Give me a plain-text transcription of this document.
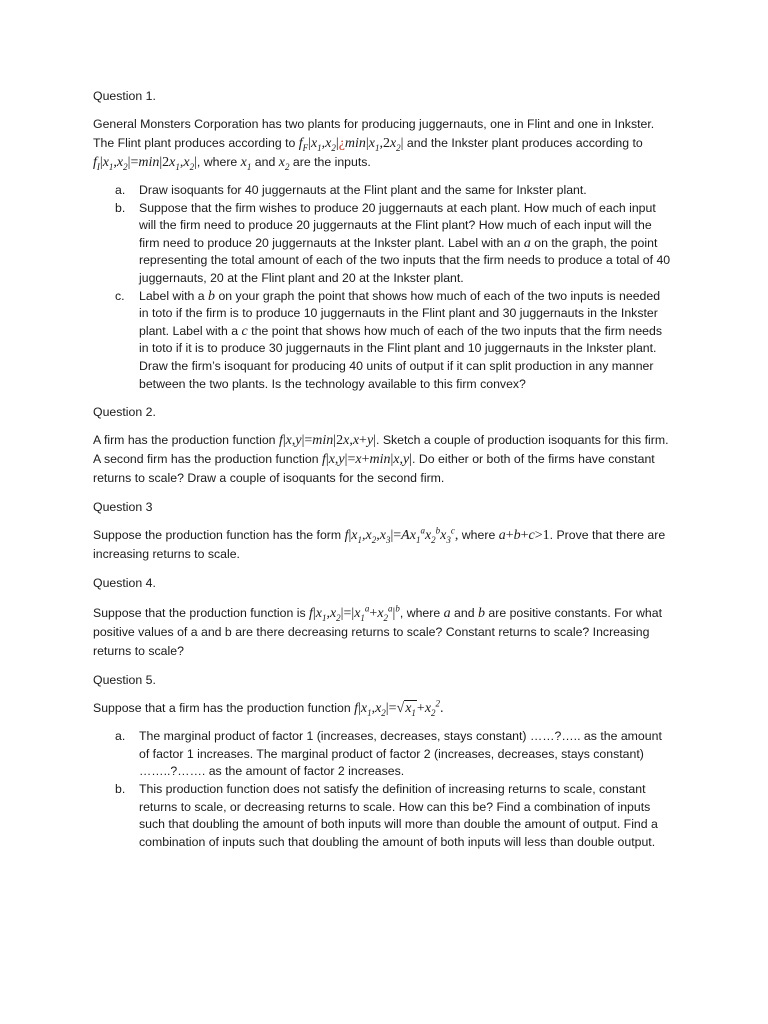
Question 1.

General Monsters Corporation has two plants for producing juggernauts, one in Flint and one in Inkster. The Flint plant produces according to $f_F|x_1,x_2|¿\min|x_1,2x_2|$ and the Inkster plant produces according to $f_I|x_1,x_2|=\min|2x_1,x_2|$, where $x_1$ and $x_2$ are the inputs.

a. Draw isoquants for 40 juggernauts at the Flint plant and the same for Inkster plant.
b. Suppose that the firm wishes to produce 20 juggernauts at each plant. How much of each input will the firm need to produce 20 juggernauts at the Flint plant? How much of each input will the firm need to produce 20 juggernauts at the Inkster plant. Label with an a on the graph, the point representing the total amount of each of the two inputs that the firm needs to produce a total of 40 juggernauts, 20 at the Flint plant and 20 at the Inkster plant.
c. Label with a b on your graph the point that shows how much of each of the two inputs is needed in toto if the firm is to produce 10 juggernauts in the Flint plant and 30 juggernauts in the Inkster plant. Label with a c the point that shows how much of each of the two inputs that the firm needs in toto if it is to produce 30 juggernauts in the Flint plant and 10 juggernauts in the Inkster plant. Draw the firm’s isoquant for producing 40 units of output if it can split production in any manner between the two plants. Is the technology available to this firm convex?

Question 2.

A firm has the production function f|x,y|=min|2x,x+y|. Sketch a couple of production isoquants for this firm. A second firm has the production function f|x,y|=x+min|x,y|. Do either or both of the firms have constant returns to scale? Draw a couple of isoquants for the second firm.

Question 3

Suppose the production function has the form $f|x_1,x_2,x_3|=Ax_1^ax_2^bx_3^c$, where a+b+c>1. Prove that there are increasing returns to scale.

Question 4.

Suppose that the production function is $f|x_1,x_2|=|x_1^a+x_2^a|^b$, where a and b are positive constants. For what positive values of a and b are there decreasing returns to scale? Constant returns to scale? Increasing returns to scale?

Question 5.

Suppose that a firm has the production function $f|x_1,x_2|=√x_1+x_2^2$.

a. The marginal product of factor 1 (increases, decreases, stays constant) ……?….. as the amount of factor 1 increases. The marginal product of factor 2 (increases, decreases, stays constant) ……..?……. as the amount of factor 2 increases.
b. This production function does not satisfy the definition of increasing returns to scale, constant returns to scale, or decreasing returns to scale. How can this be? Find a combination of inputs such that doubling the amount of both inputs will more than double the amount of output. Find a combination of inputs such that doubling the amount of both inputs will less than double output.
